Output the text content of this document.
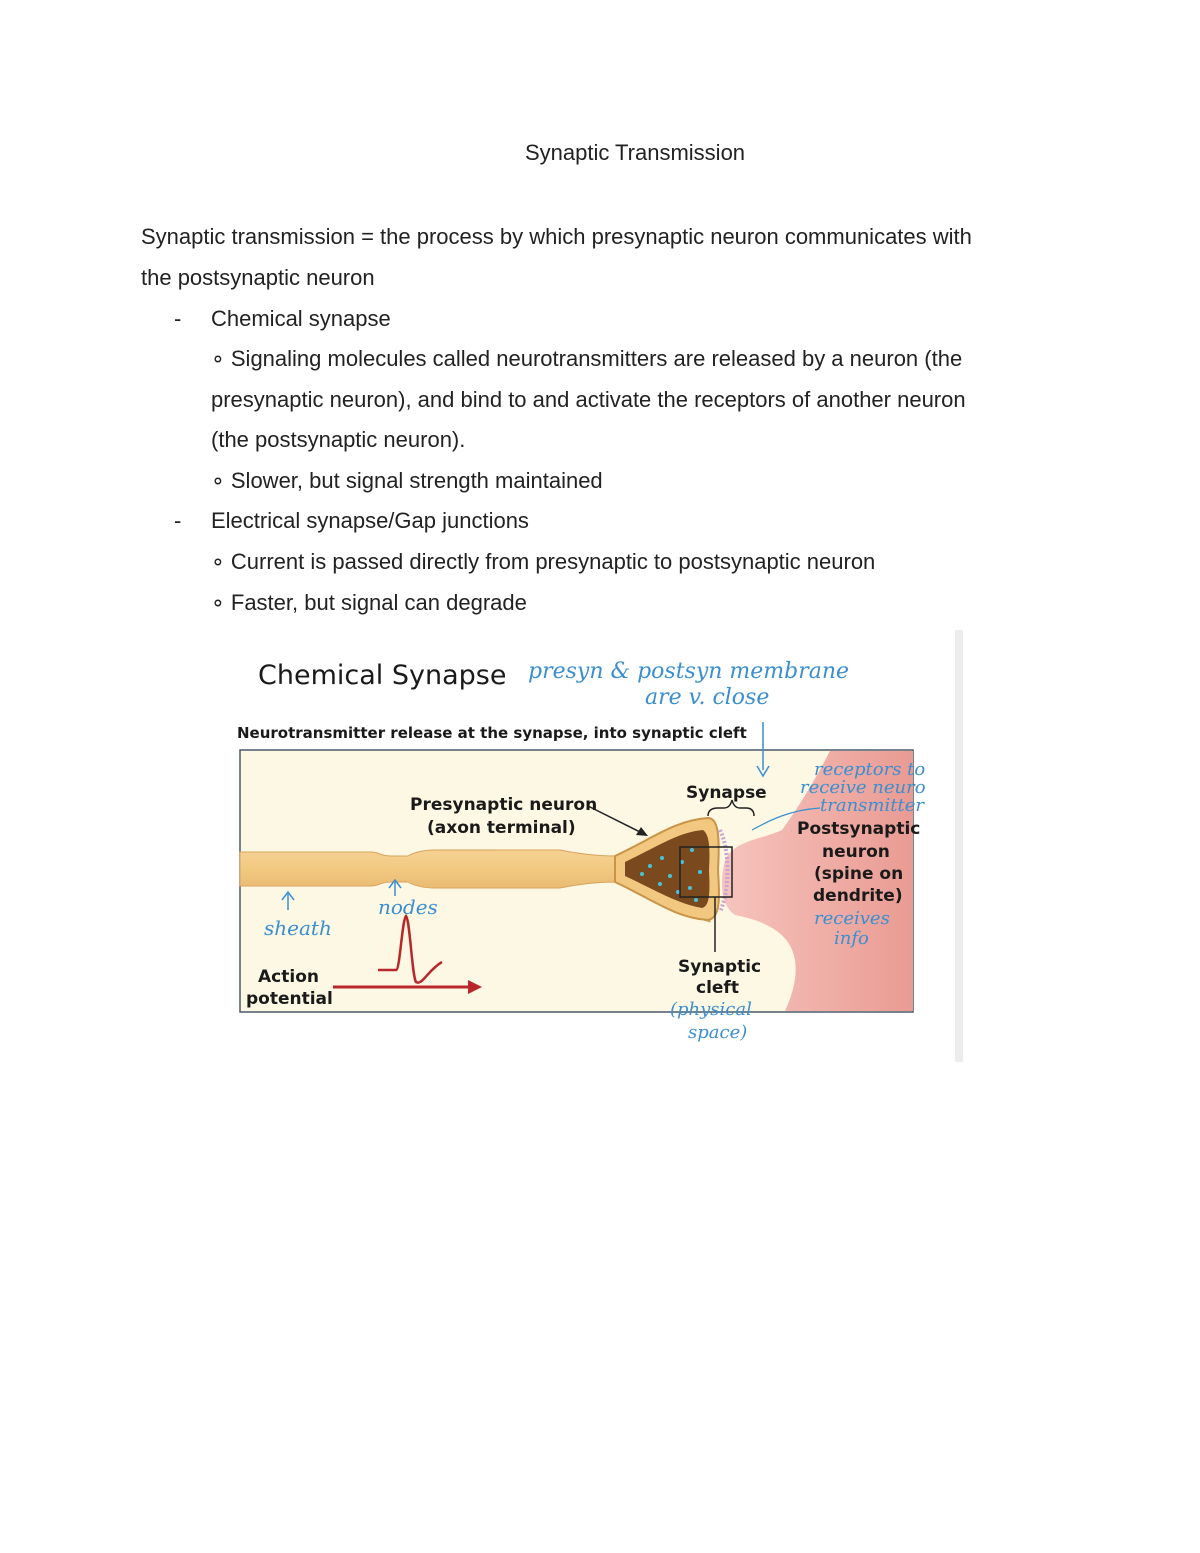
Synaptic Transmission
Synaptic transmission = the process by which presynaptic neuron communicates with
the postsynaptic neuron
- Chemical synapse
∘ Signaling molecules called neurotransmitters are released by a neuron (the
presynaptic neuron), and bind to and activate the receptors of another neuron
(the postsynaptic neuron).
∘ Slower, but signal strength maintained
- Electrical synapse/Gap junctions
∘ Current is passed directly from presynaptic to postsynaptic neuron
∘ Faster, but signal can degrade
Chemical Synapse
Neurotransmitter release at the synapse, into synaptic cleft
Presynaptic neuron
(axon terminal)
Synapse
Postsynaptic
neuron
(spine on
dendrite)
Synaptic
cleft
Action
potential
presyn & postsyn membrane
are v. close
receptors to
receive neuro
transmitter
receives
info
(physical
space)
sheath
nodes
